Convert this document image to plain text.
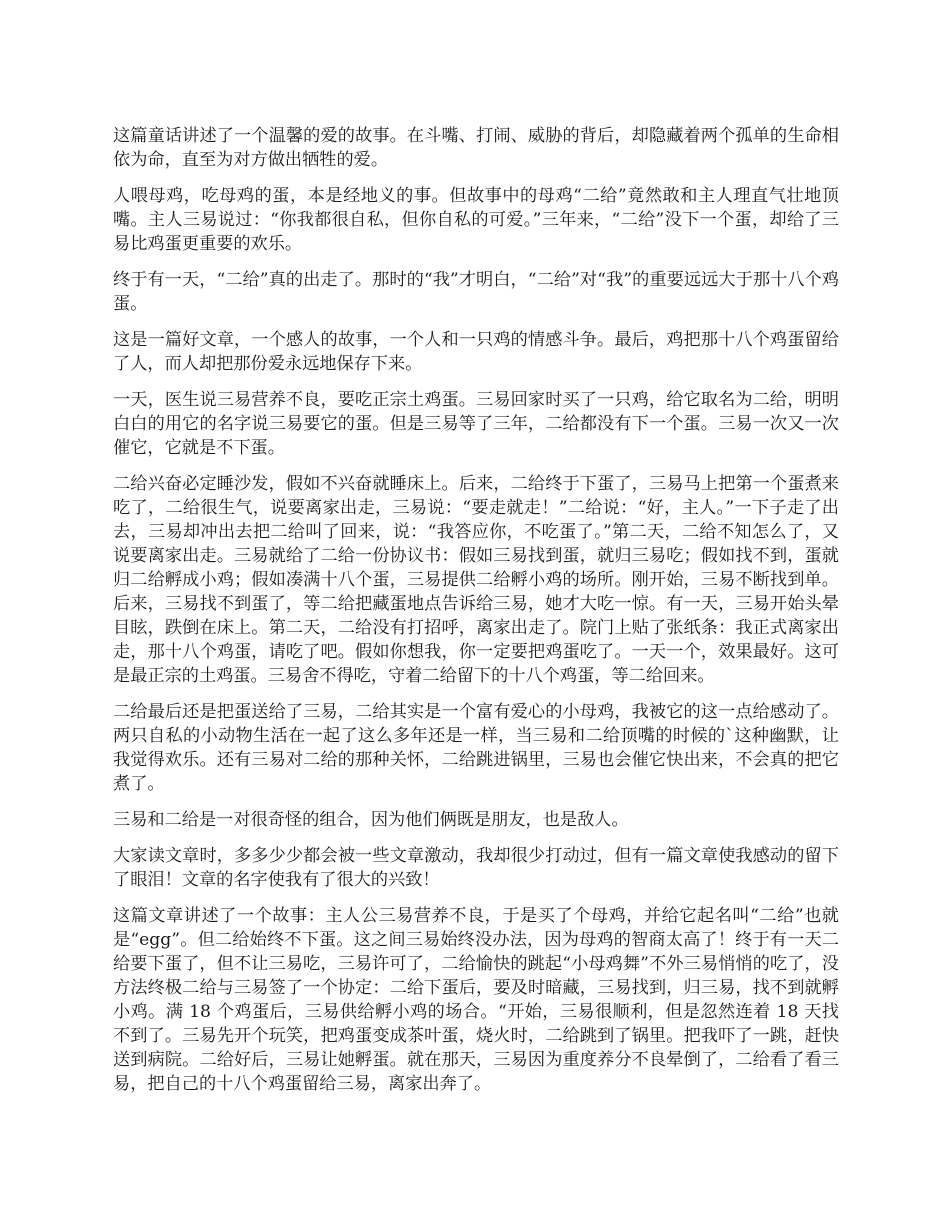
这篇童话讲述了一个温馨的爱的故事。在斗嘴、打闹、威胁的背后，却隐藏着两个孤单的生命相依为命，直至为对方做出牺牲的爱。

人喂母鸡，吃母鸡的蛋，本是经地义的事。但故事中的母鸡“二给”竟然敢和主人理直气壮地顶嘴。主人三易说过：“你我都很自私，但你自私的可爱。”三年来，“二给”没下一个蛋，却给了三易比鸡蛋更重要的欢乐。

终于有一天，“二给”真的出走了。那时的“我”才明白，“二给”对“我”的重要远远大于那十八个鸡蛋。

这是一篇好文章，一个感人的故事，一个人和一只鸡的情感斗争。最后，鸡把那十八个鸡蛋留给了人，而人却把那份爱永远地保存下来。

一天，医生说三易营养不良，要吃正宗土鸡蛋。三易回家时买了一只鸡，给它取名为二给，明明白白的用它的名字说三易要它的蛋。但是三易等了三年，二给都没有下一个蛋。三易一次又一次催它，它就是不下蛋。

二给兴奋必定睡沙发，假如不兴奋就睡床上。后来，二给终于下蛋了，三易马上把第一个蛋煮来吃了，二给很生气，说要离家出走，三易说：“要走就走！”二给说：“好，主人。”一下子走了出去，三易却冲出去把二给叫了回来，说：“我答应你，不吃蛋了。”第二天，二给不知怎么了，又说要离家出走。三易就给了二给一份协议书：假如三易找到蛋，就归三易吃；假如找不到，蛋就归二给孵成小鸡；假如凑满十八个蛋，三易提供二给孵小鸡的场所。刚开始，三易不断找到单。后来，三易找不到蛋了，等二给把藏蛋地点告诉给三易，她才大吃一惊。有一天，三易开始头晕目眩，跌倒在床上。第二天，二给没有打招呼，离家出走了。院门上贴了张纸条：我正式离家出走，那十八个鸡蛋，请吃了吧。假如你想我，你一定要把鸡蛋吃了。一天一个，效果最好。这可是最正宗的土鸡蛋。三易舍不得吃，守着二给留下的十八个鸡蛋，等二给回来。

二给最后还是把蛋送给了三易，二给其实是一个富有爱心的小母鸡，我被它的这一点给感动了。两只自私的小动物生活在一起了这么多年还是一样，当三易和二给顶嘴的时候的`这种幽默，让我觉得欢乐。还有三易对二给的那种关怀，二给跳进锅里，三易也会催它快出来，不会真的把它煮了。

三易和二给是一对很奇怪的组合，因为他们俩既是朋友，也是敌人。

大家读文章时，多多少少都会被一些文章激动，我却很少打动过，但有一篇文章使我感动的留下了眼泪！文章的名字使我有了很大的兴致！

这篇文章讲述了一个故事：主人公三易营养不良，于是买了个母鸡，并给它起名叫“二给”也就是“egg”。但二给始终不下蛋。这之间三易始终没办法，因为母鸡的智商太高了！终于有一天二给要下蛋了，但不让三易吃，三易许可了，二给愉快的跳起“小母鸡舞”不外三易悄悄的吃了，没方法终极二给与三易签了一个协定：二给下蛋后，要及时暗藏，三易找到，归三易，找不到就孵小鸡。满 18 个鸡蛋后，三易供给孵小鸡的场合。“开始，三易很顺利，但是忽然连着 18 天找不到了。三易先开个玩笑，把鸡蛋变成茶叶蛋，烧火时，二给跳到了锅里。把我吓了一跳，赶快送到病院。二给好后，三易让她孵蛋。就在那天，三易因为重度养分不良晕倒了，二给看了看三易，把自己的十八个鸡蛋留给三易，离家出奔了。
